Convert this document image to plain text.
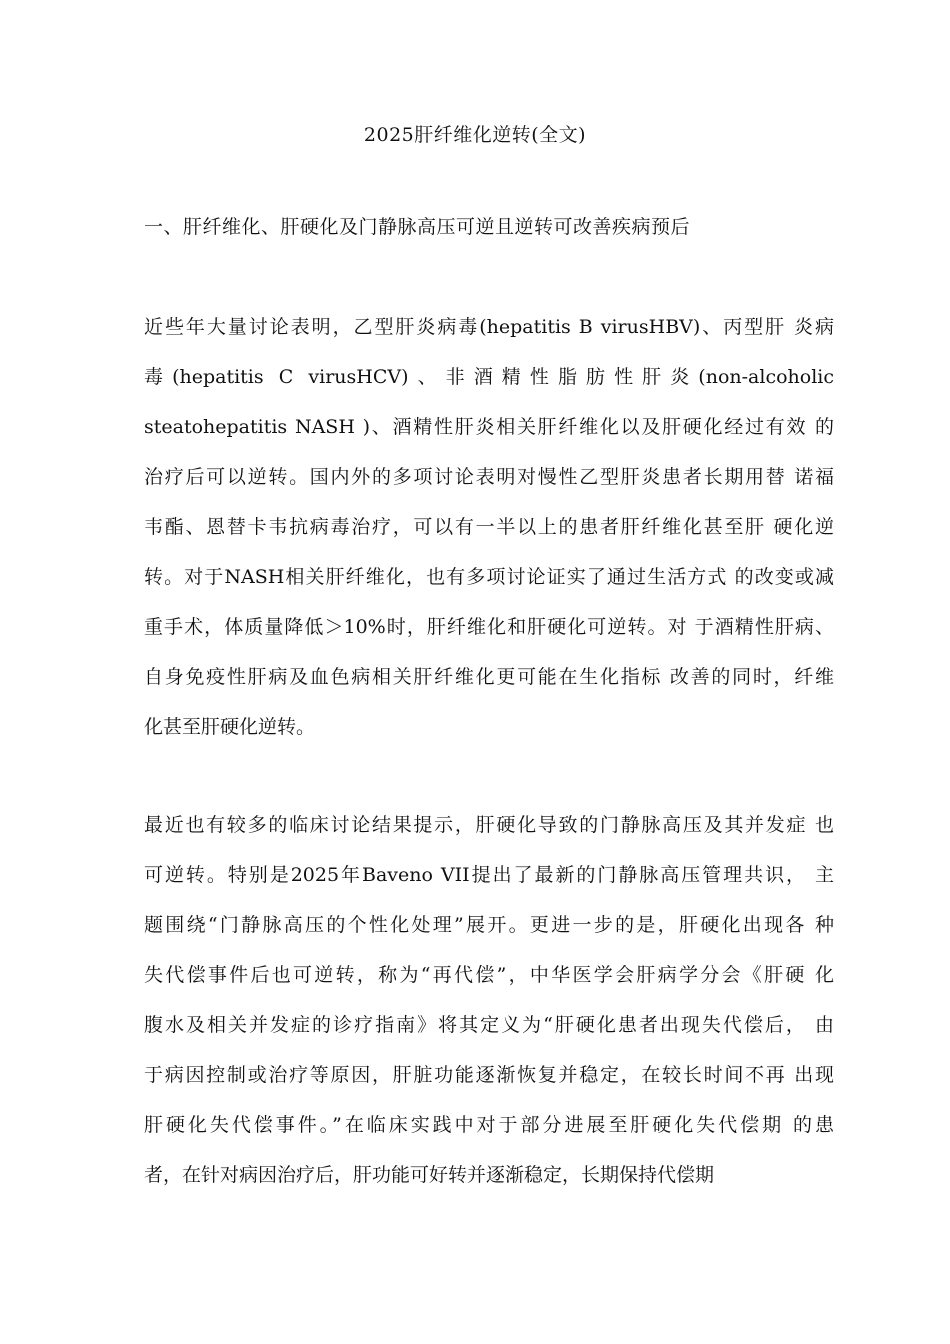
2025肝纤维化逆转(全文)
一、肝纤维化、肝硬化及门静脉高压可逆且逆转可改善疾病预后
近些年大量讨论表明，乙型肝炎病毒(hepatitis B virusHBV)、丙型肝 炎病
毒(hepatitis C virusHCV)、非酒精性脂肪性肝炎(non-alcoholic
steatohepatitis NASH )、酒精性肝炎相关肝纤维化以及肝硬化经过有效 的
治疗后可以逆转。国内外的多项讨论表明对慢性乙型肝炎患者长期用替 诺福
韦酯、恩替卡韦抗病毒治疗，可以有一半以上的患者肝纤维化甚至肝 硬化逆
转。对于NASH相关肝纤维化，也有多项讨论证实了通过生活方式 的改变或减
重手术，体质量降低＞10%时，肝纤维化和肝硬化可逆转。对 于酒精性肝病、
自身免疫性肝病及血色病相关肝纤维化更可能在生化指标 改善的同时，纤维
化甚至肝硬化逆转。
最近也有较多的临床讨论结果提示，肝硬化导致的门静脉高压及其并发症 也
可逆转。特别是2025年Baveno VII提出了最新的门静脉高压管理共识， 主
题围绕“门静脉高压的个性化处理”展开。更进一步的是，肝硬化出现各 种
失代偿事件后也可逆转，称为“再代偿”，中华医学会肝病学分会《肝硬 化
腹水及相关并发症的诊疗指南》将其定义为“肝硬化患者出现失代偿后， 由
于病因控制或治疗等原因，肝脏功能逐渐恢复并稳定，在较长时间不再 出现
肝硬化失代偿事件。”在临床实践中对于部分进展至肝硬化失代偿期 的患
者，在针对病因治疗后，肝功能可好转并逐渐稳定，长期保持代偿期
